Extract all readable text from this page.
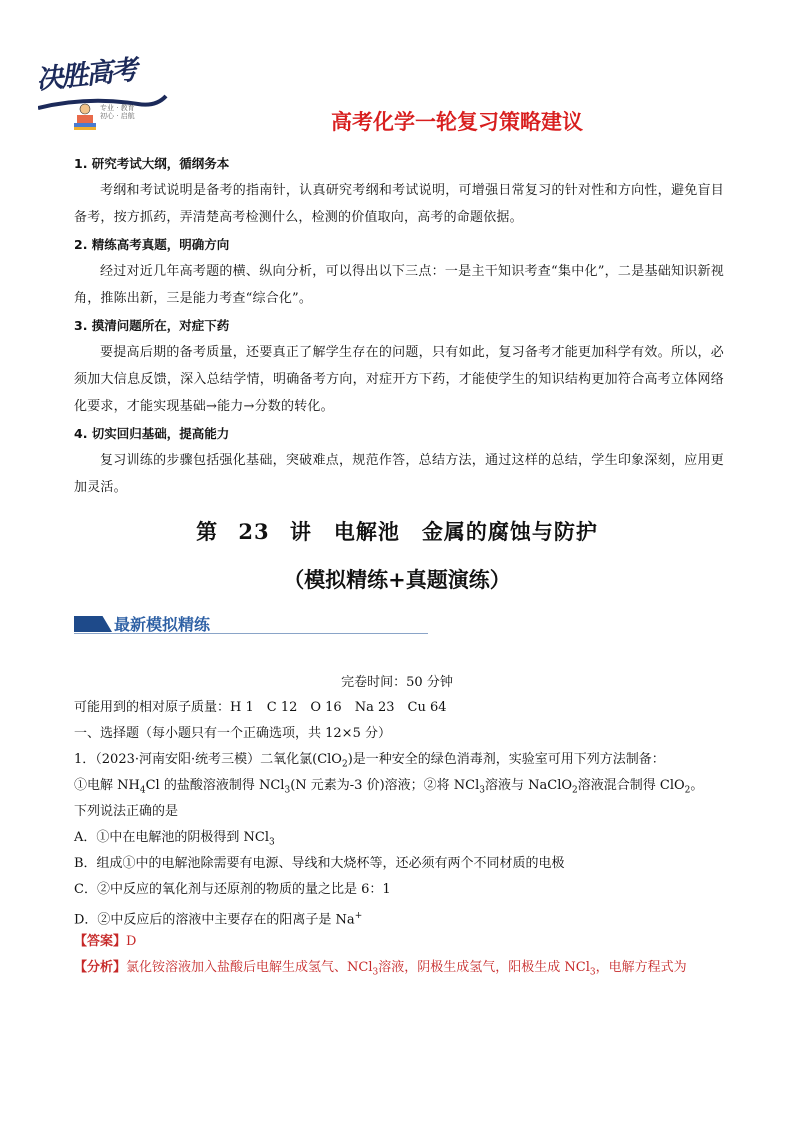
决胜高考
专业 · 教育
初心 · 启航	高考化学一轮复习策略建议
1. 研究考试大纲，循纲务本
考纲和考试说明是备考的指南针，认真研究考纲和考试说明，可增强日常复习的针对性和方向性，避免盲目备考，按方抓药，弄清楚高考检测什么，检测的价值取向，高考的命题依据。
2. 精练高考真题，明确方向
经过对近几年高考题的横、纵向分析，可以得出以下三点：一是主干知识考查“集中化”，二是基础知识新视角，推陈出新，三是能力考查“综合化”。
3. 摸清问题所在，对症下药
要提高后期的备考质量，还要真正了解学生存在的问题，只有如此，复习备考才能更加科学有效。所以，必须加大信息反馈，深入总结学情，明确备考方向，对症开方下药，才能使学生的知识结构更加符合高考立体网络化要求，才能实现基础→能力→分数的转化。
4. 切实回归基础，提高能力
复习训练的步骤包括强化基础，突破难点，规范作答，总结方法，通过这样的总结，学生印象深刻，应用更加灵活。
第 23 讲　电解池　金属的腐蚀与防护
（模拟精练+真题演练）
最新模拟精练
完卷时间：50 分钟
可能用到的相对原子质量：H 1　C 12　O 16　Na 23　Cu 64
一、选择题（每小题只有一个正确选项，共 12×5 分）
1．（2023·河南安阳·统考三模）二氧化氯(ClO$_2$)是一种安全的绿色消毒剂，实验室可用下列方法制备：
①电解 $NH_4Cl$ 的盐酸溶液制得 NCl$_3$(N 元素为-3 价)溶液；②将 NCl$_3$溶液与 NaClO$_2$溶液混合制得 ClO$_2$。
下列说法正确的是
A．①中在电解池的阴极得到 NCl$_3$
B．组成①中的电解池除需要有电源、导线和大烧杯等，还必须有两个不同材质的电极
C．②中反应的氧化剂与还原剂的物质的量之比是 6：1
D．②中反应后的溶液中主要存在的阳离子是 Na+
【答案】D
【分析】氯化铵溶液加入盐酸后电解生成氢气、NCl$_3$溶液，阴极生成氢气，阳极生成 NCl$_3$，电解方程式为
